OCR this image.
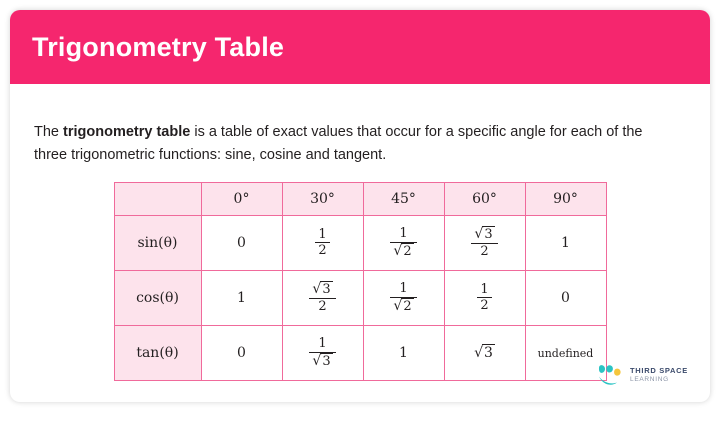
Trigonometry Table

The trigonometry table is a table of exact values that occur for a specific angle for each of the three trigonometric functions: sine, cosine and tangent.

	0°	30°	45°	60°	90°
sin(θ)	0	$\frac{1}{2}$	$\frac{1}{√2}$	$\frac{√3}{2}$	1
cos(θ)	1	$\frac{√3}{2}$	$\frac{1}{√2}$	$\frac{1}{2}$	0
tan(θ)	0	$\frac{1}{√3}$	1	√3	undefined
THIRD SPACE
LEARNING
